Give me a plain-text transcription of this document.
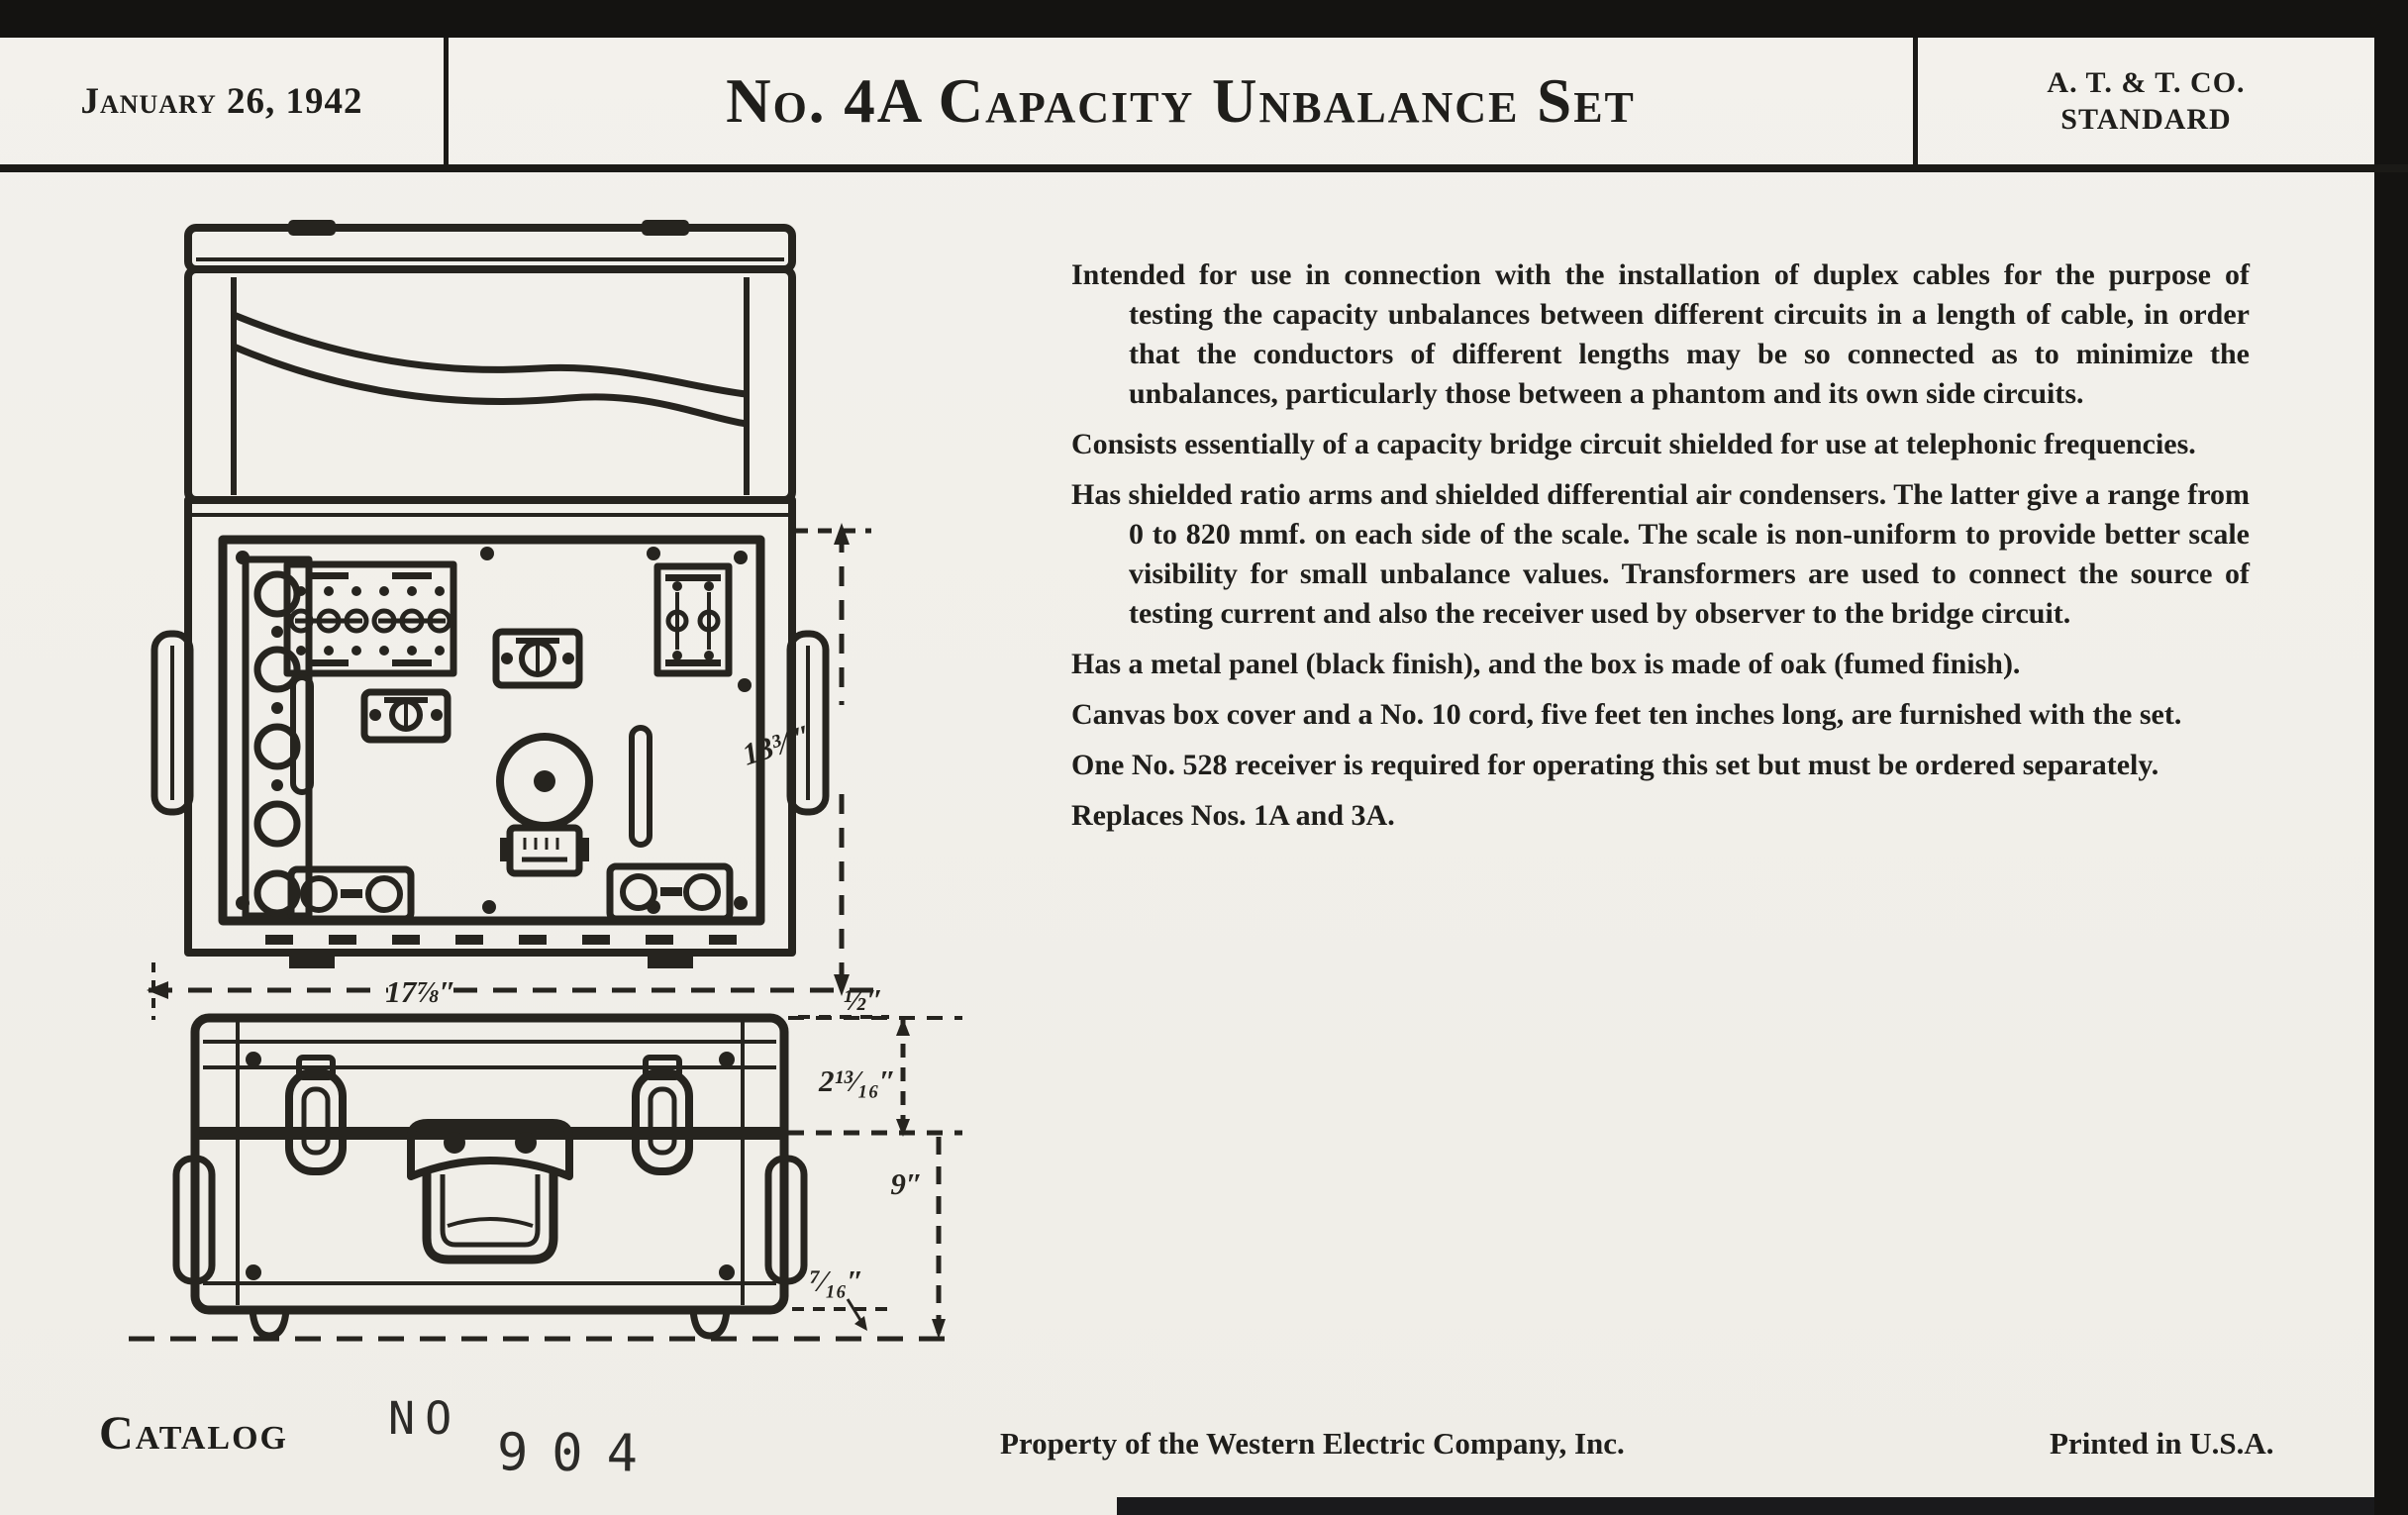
January 26, 1942	No. 4A Capacity Unbalance Set	A. T. & T. CO.
STANDARD
13⅜″
17⅞″	½″
2¹³⁄₁₆″
9″
⁷⁄₁₆″

Intended for use in connection with the installation of duplex cables for the purpose of testing the capacity unbalances between different circuits in a length of cable, in order that the conductors of different lengths may be so connected as to minimize the unbalances, particularly those between a phantom and its own side circuits.

Consists essentially of a capacity bridge circuit shielded for use at telephonic frequencies.

Has shielded ratio arms and shielded differential air condensers. The latter give a range from 0 to 820 mmf. on each side of the scale. The scale is non-uniform to provide better scale visibility for small unbalance values. Transformers are used to connect the source of testing current and also the receiver used by observer to the bridge circuit.

Has a metal panel (black finish), and the box is made of oak (fumed finish).

Canvas box cover and a No. 10 cord, five feet ten inches long, are furnished with the set.

One No. 528 receiver is required for operating this set but must be ordered separately.

Replaces Nos. 1A and 3A.

Catalog NO
904	Property of the Western Electric Company, Inc.	Printed in U.S.A.
